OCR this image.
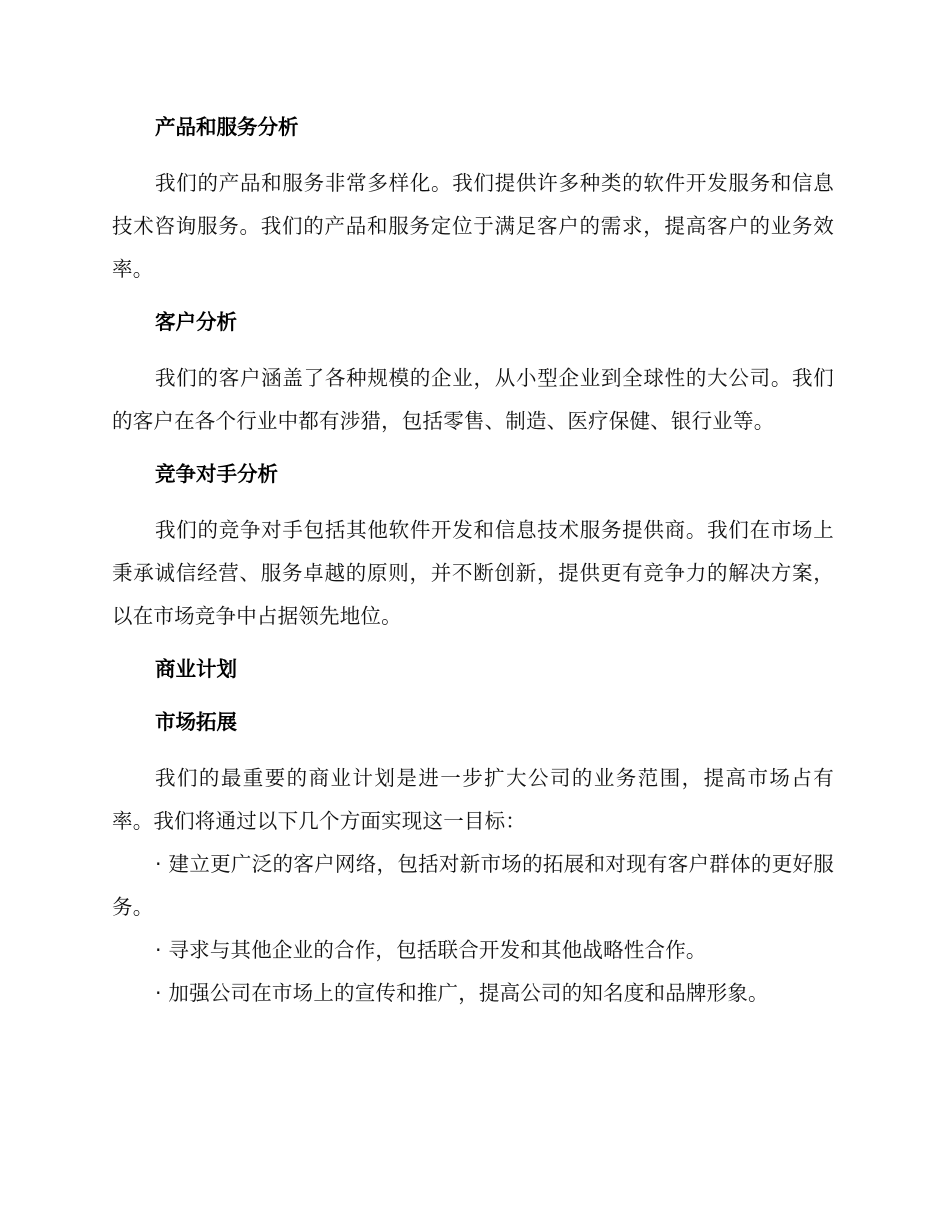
产品和服务分析

我们的产品和服务非常多样化。我们提供许多种类的软件开发服务和信息技术咨询服务。我们的产品和服务定位于满足客户的需求，提高客户的业务效率。

客户分析

我们的客户涵盖了各种规模的企业，从小型企业到全球性的大公司。我们的客户在各个行业中都有涉猎，包括零售、制造、医疗保健、银行业等。

竞争对手分析

我们的竞争对手包括其他软件开发和信息技术服务提供商。我们在市场上秉承诚信经营、服务卓越的原则，并不断创新，提供更有竞争力的解决方案，以在市场竞争中占据领先地位。

商业计划
市场拓展

我们的最重要的商业计划是进一步扩大公司的业务范围，提高市场占有率。我们将通过以下几个方面实现这一目标：

· 建立更广泛的客户网络，包括对新市场的拓展和对现有客户群体的更好服务。

· 寻求与其他企业的合作，包括联合开发和其他战略性合作。

· 加强公司在市场上的宣传和推广，提高公司的知名度和品牌形象。
